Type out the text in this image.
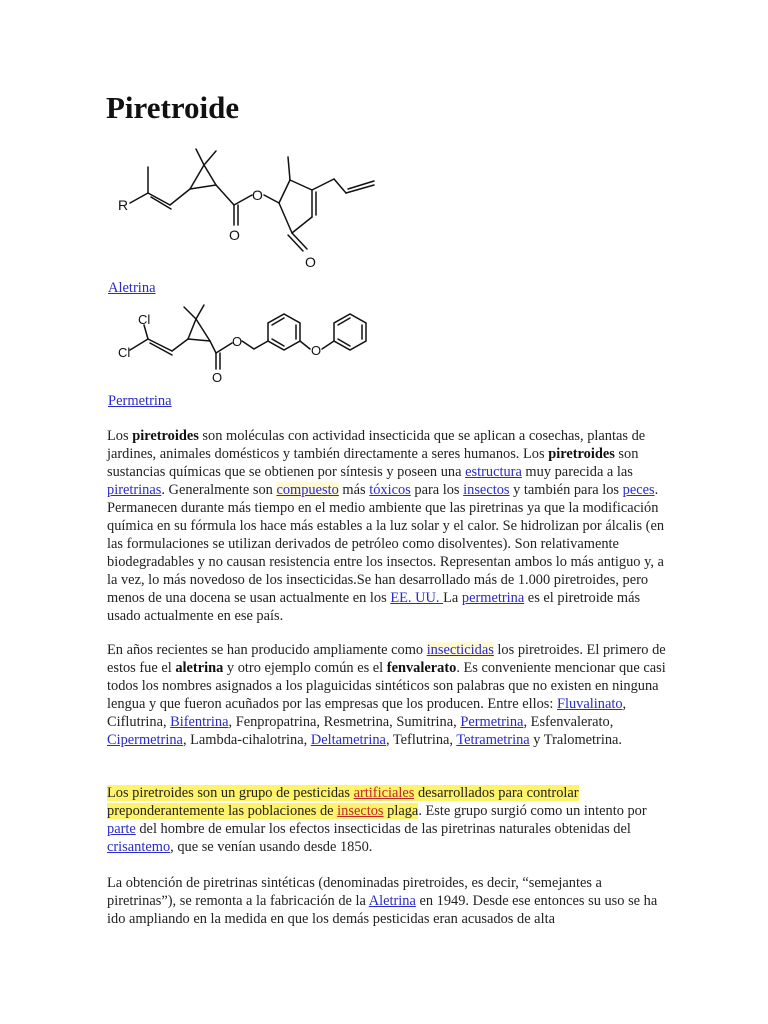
Piretroide
R
O
O
O
Aletrina
Cl
Cl
O
O
O
Permetrina

Los piretroides son moléculas con actividad insecticida que se aplican a cosechas, plantas de jardines, animales domésticos y también directamente a seres humanos. Los piretroides son sustancias químicas que se obtienen por síntesis y poseen una estructura muy parecida a las piretrinas. Generalmente son compuesto más tóxicos para los insectos y también para los peces. Permanecen durante más tiempo en el medio ambiente que las piretrinas ya que la modificación química en su fórmula los hace más estables a la luz solar y el calor. Se hidrolizan por álcalis (en las formulaciones se utilizan derivados de petróleo como disolventes). Son relativamente biodegradables y no causan resistencia entre los insectos. Representan ambos lo más antiguo y, a la vez, lo más novedoso de los insecticidas.Se han desarrollado más de 1.000 piretroides, pero menos de una docena se usan actualmente en los EE. UU. La permetrina es el piretroide más usado actualmente en ese país.

En años recientes se han producido ampliamente como insecticidas los piretroides. El primero de estos fue el aletrina y otro ejemplo común es el fenvalerato. Es conveniente mencionar que casi todos los nombres asignados a los plaguicidas sintéticos son palabras que no existen en ninguna lengua y que fueron acuñados por las empresas que los producen. Entre ellos: Fluvalinato, Ciflutrina, Bifentrina, Fenpropatrina, Resmetrina, Sumitrina, Permetrina, Esfenvalerato, Cipermetrina, Lambda-cihalotrina, Deltametrina, Teflutrina, Tetrametrina y Tralometrina.

Los piretroides son un grupo de pesticidas artificiales desarrollados para controlar preponderantemente las poblaciones de insectos plaga. Este grupo surgió como un intento por parte del hombre de emular los efectos insecticidas de las piretrinas naturales obtenidas del crisantemo, que se venían usando desde 1850.

La obtención de piretrinas sintéticas (denominadas piretroides, es decir, “semejantes a piretrinas”), se remonta a la fabricación de la Aletrina en 1949. Desde ese entonces su uso se ha ido ampliando en la medida en que los demás pesticidas eran acusados de alta
